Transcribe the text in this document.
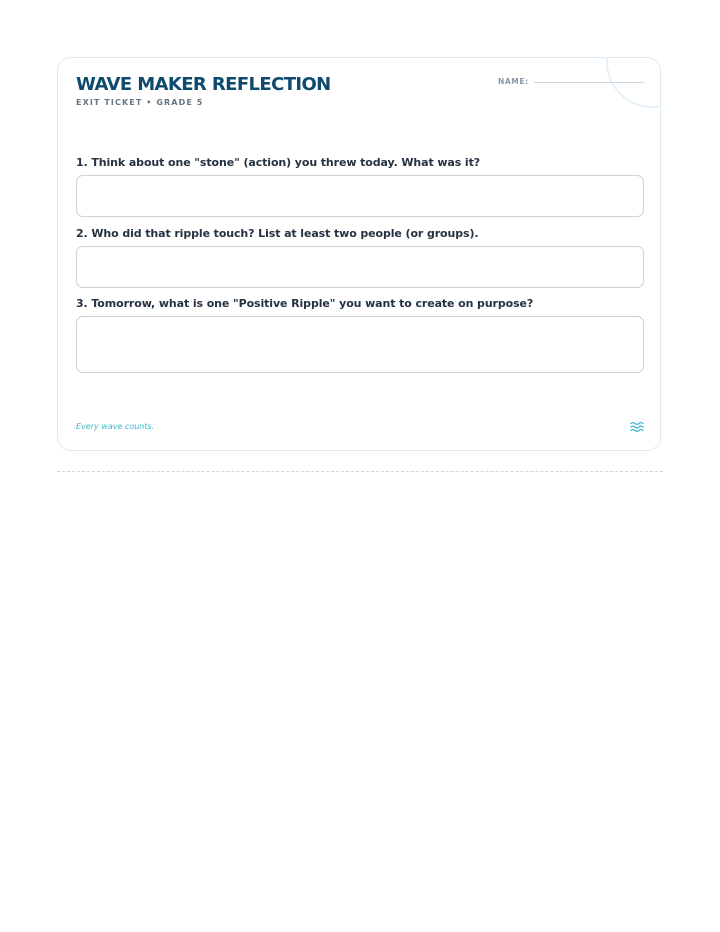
WAVE MAKER REFLECTION
EXIT TICKET • GRADE 5
NAME:
1. Think about one "stone" (action) you threw today. What was it?
2. Who did that ripple touch? List at least two people (or groups).
3. Tomorrow, what is one "Positive Ripple" you want to create on purpose?
Every wave counts.
